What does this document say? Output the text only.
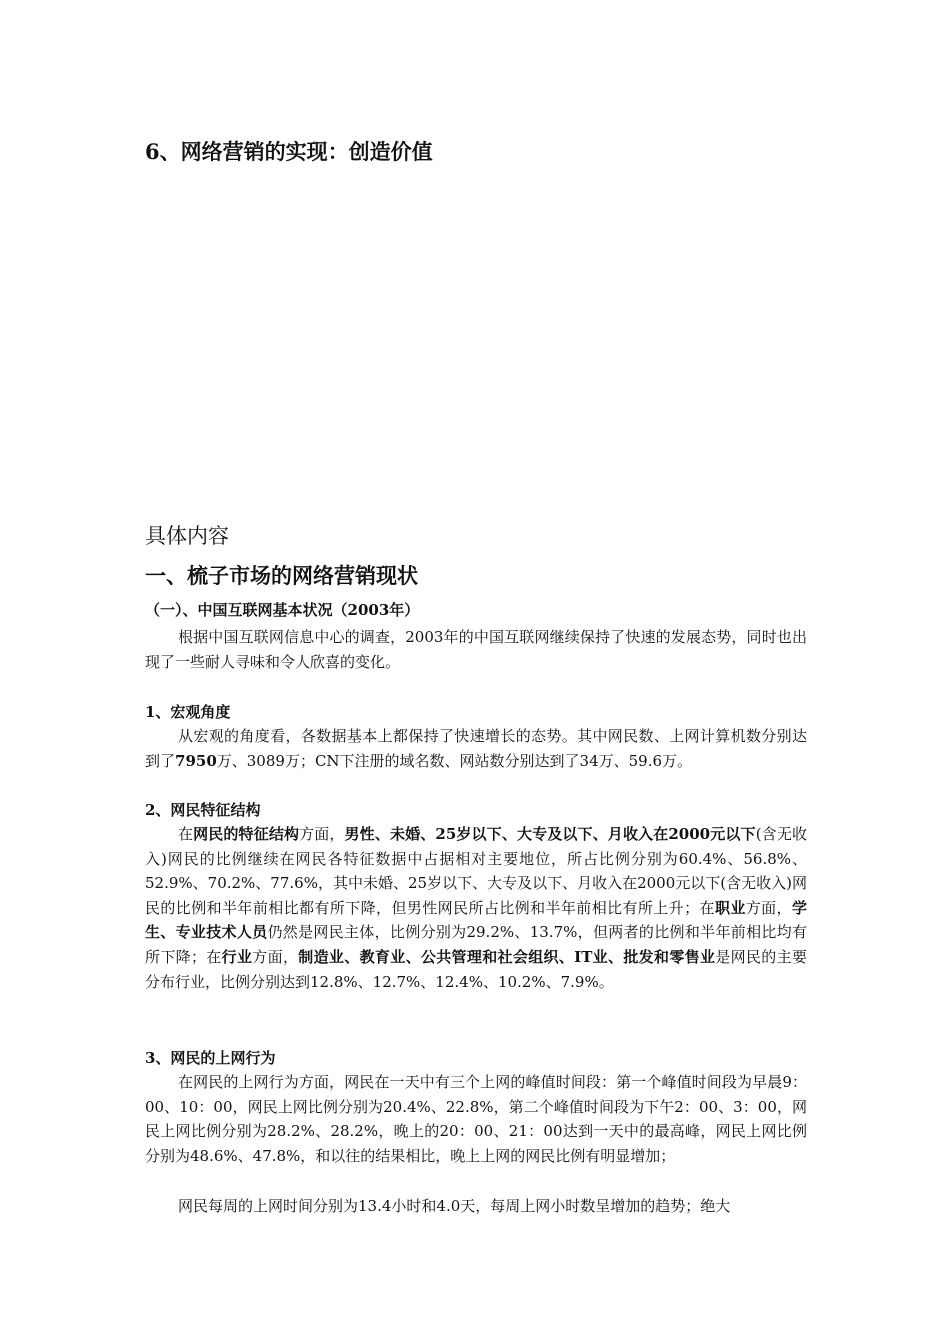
6、网络营销的实现：创造价值
具体内容
一、梳子市场的网络营销现状
（一）、中国互联网基本状况（2003年）

根据中国互联网信息中心的调查，2003年的中国互联网继续保持了快速的发展态势，同时也出现了一些耐人寻味和令人欣喜的变化。

1、宏观角度

从宏观的角度看，各数据基本上都保持了快速增长的态势。其中网民数、上网计算机数分别达到了7950万、3089万；CN下注册的域名数、网站数分别达到了34万、59.6万。

2、网民特征结构

在网民的特征结构方面，男性、未婚、25岁以下、大专及以下、月收入在2000元以下(含无收入)网民的比例继续在网民各特征数据中占据相对主要地位，所占比例分别为60.4%、56.8%、52.9%、70.2%、77.6%，其中未婚、25岁以下、大专及以下、月收入在2000元以下(含无收入)网民的比例和半年前相比都有所下降，但男性网民所占比例和半年前相比有所上升；在职业方面，学生、专业技术人员仍然是网民主体，比例分别为29.2%、13.7%，但两者的比例和半年前相比均有所下降；在行业方面，制造业、教育业、公共管理和社会组织、IT业、批发和零售业是网民的主要分布行业，比例分别达到12.8%、12.7%、12.4%、10.2%、7.9%。

3、网民的上网行为

在网民的上网行为方面，网民在一天中有三个上网的峰值时间段：第一个峰值时间段为早晨9：00、10：00，网民上网比例分别为20.4%、22.8%，第二个峰值时间段为下午2：00、3：00，网民上网比例分别为28.2%、28.2%，晚上的20：00、21：00达到一天中的最高峰，网民上网比例分别为48.6%、47.8%，和以往的结果相比，晚上上网的网民比例有明显增加；

网民每周的上网时间分别为13.4小时和4.0天，每周上网小时数呈增加的趋势；绝大
